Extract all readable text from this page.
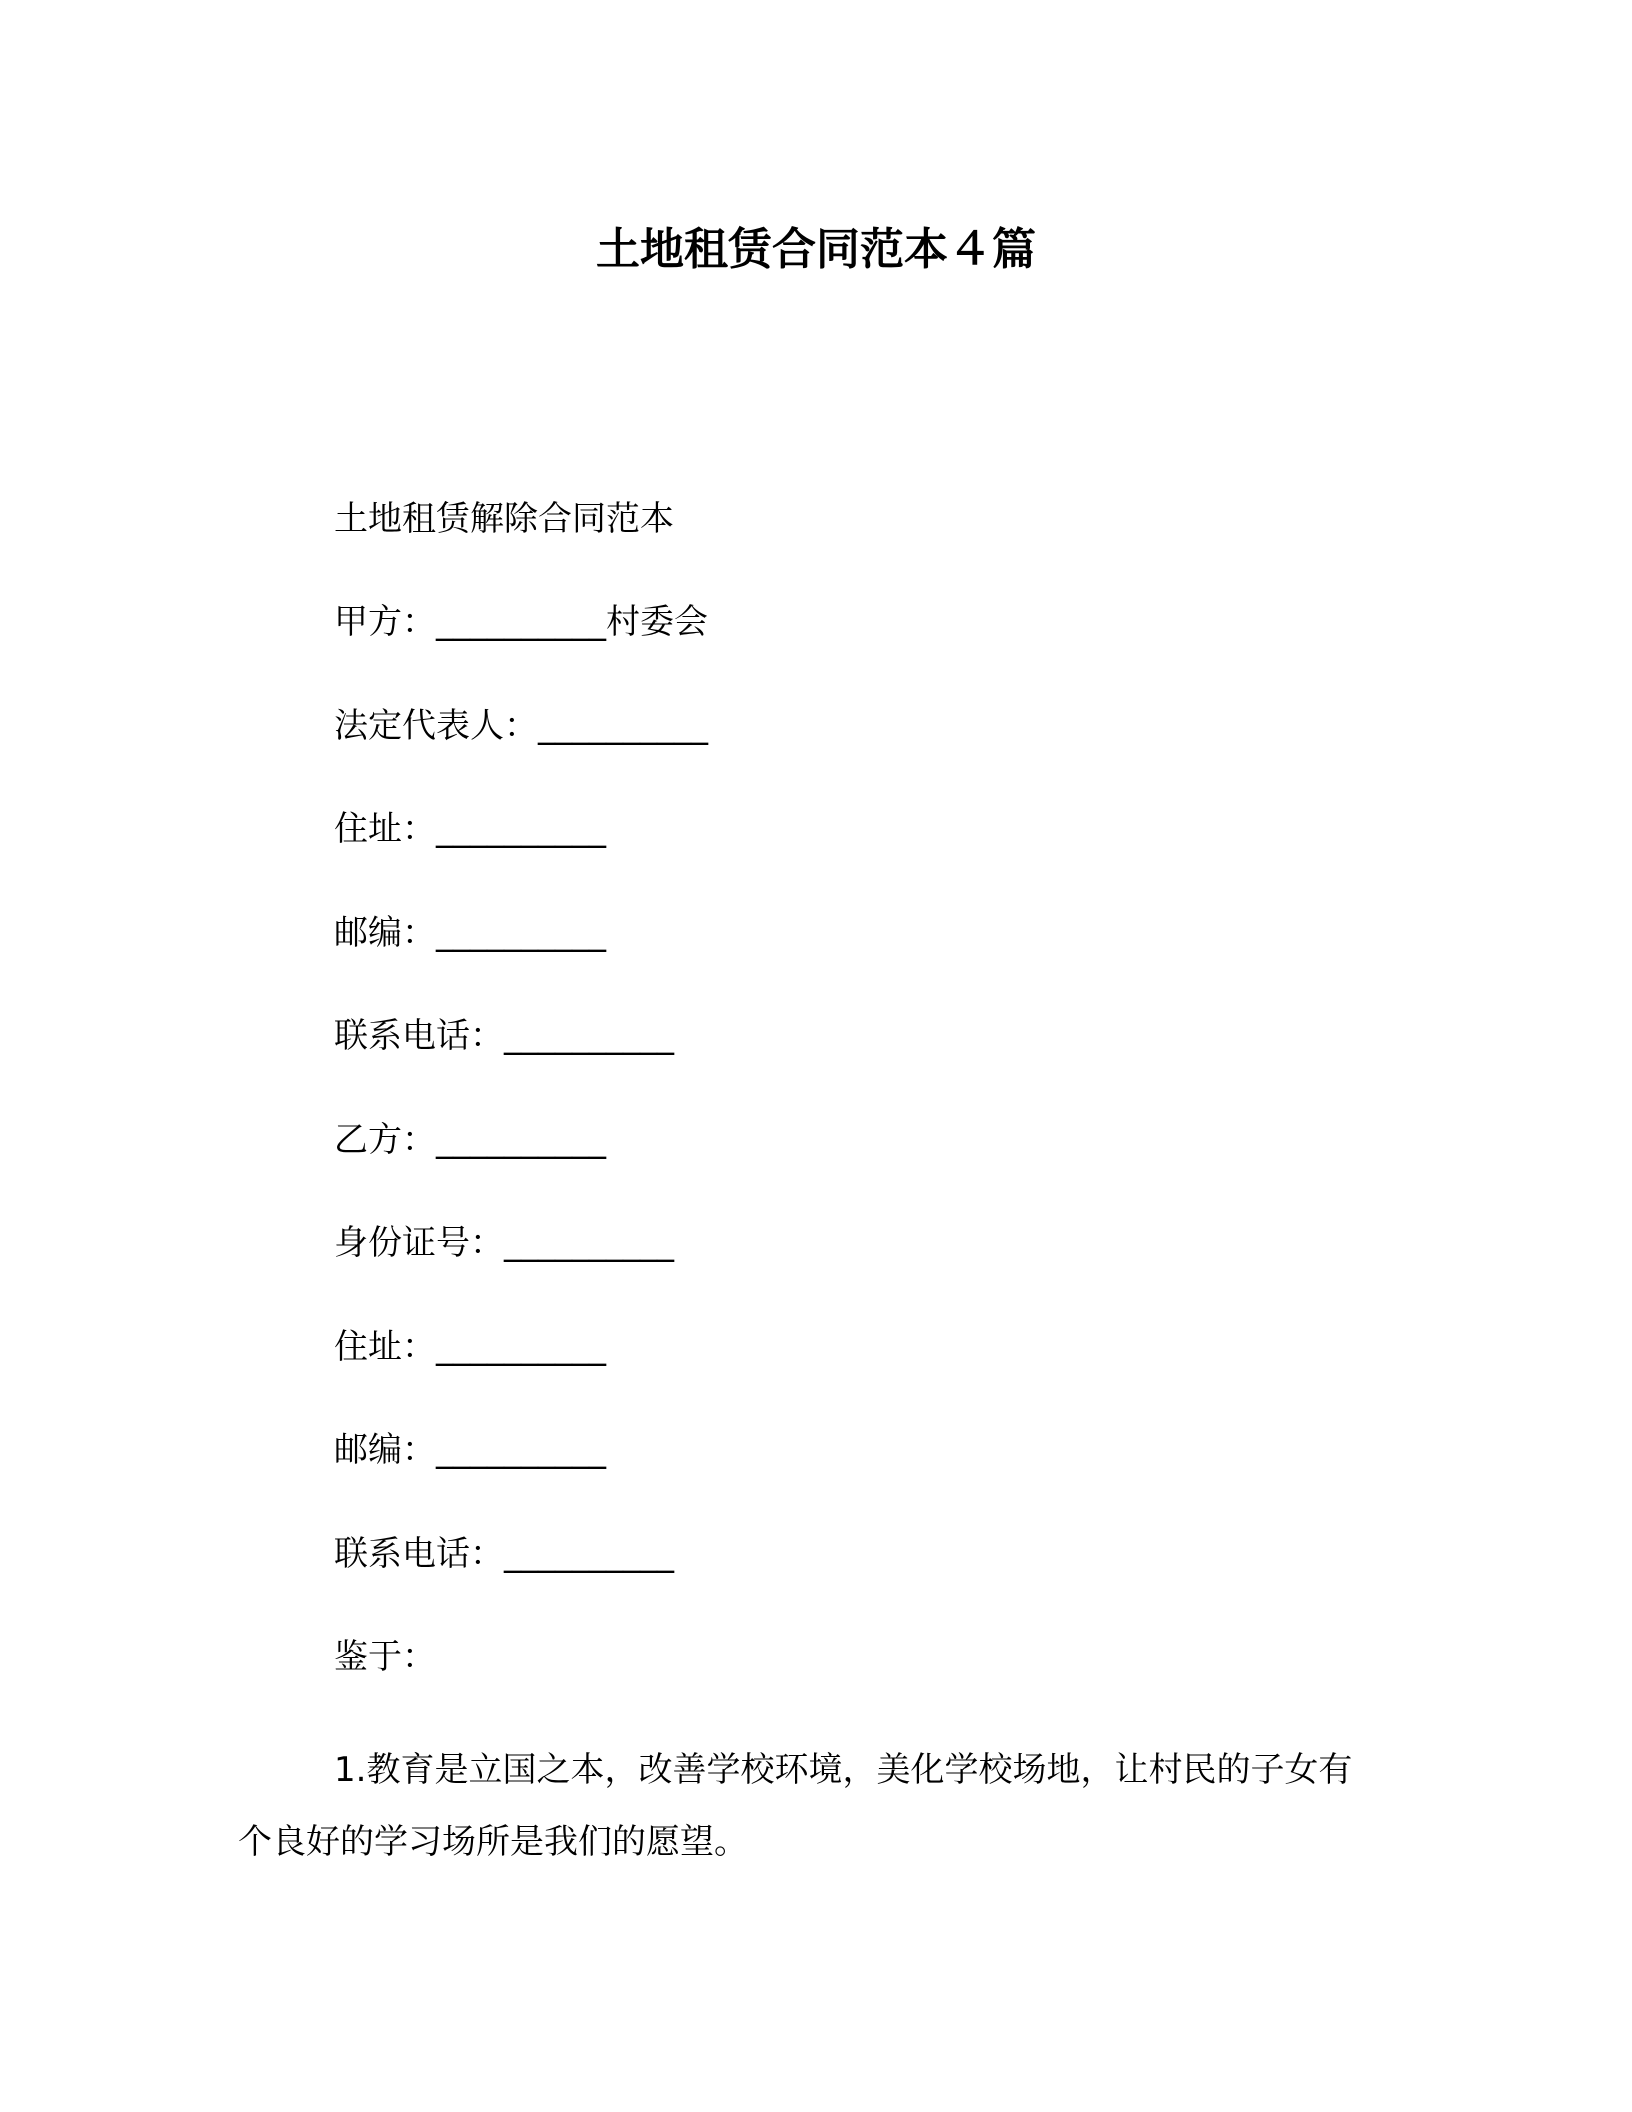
土地租赁合同范本４篇
土地租赁解除合同范本
甲方：__________村委会
法定代表人：__________
住址：__________
邮编：__________
联系电话：__________
乙方：__________
身份证号：__________
住址：__________
邮编：__________
联系电话：__________
鉴于：
1.教育是立国之本，改善学校环境，美化学校场地，让村民的子女有个良好的学习场所是我们的愿望。
